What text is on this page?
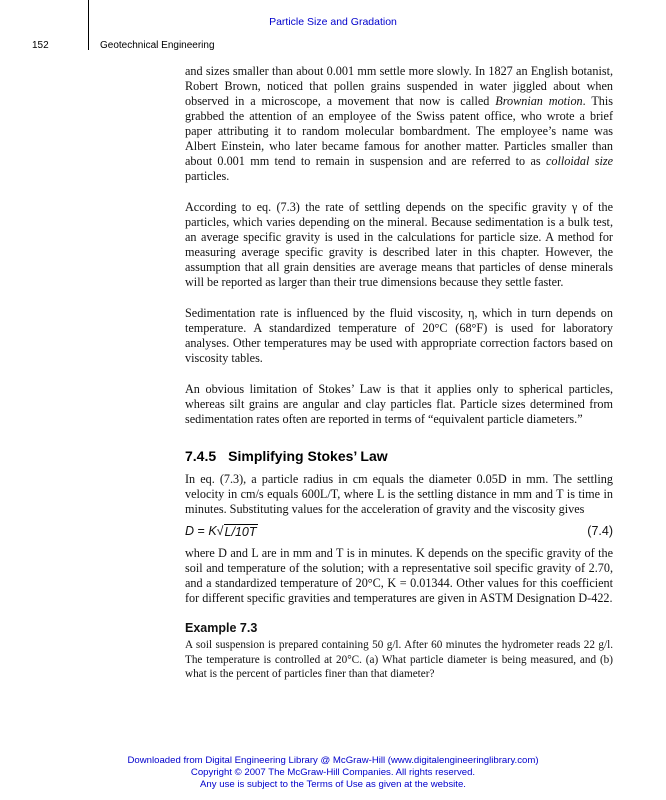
Particle Size and Gradation
152	Geotechnical Engineering

and sizes smaller than about 0.001 mm settle more slowly. In 1827 an English botanist, Robert Brown, noticed that pollen grains suspended in water jiggled about when observed in a microscope, a movement that now is called Brownian motion. This grabbed the attention of an employee of the Swiss patent office, who wrote a brief paper attributing it to random molecular bombardment. The employee’s name was Albert Einstein, who later became famous for another matter. Particles smaller than about 0.001 mm tend to remain in suspension and are referred to as colloidal size particles.

According to eq. (7.3) the rate of settling depends on the specific gravity γ of the particles, which varies depending on the mineral. Because sedimentation is a bulk test, an average specific gravity is used in the calculations for particle size. A method for measuring average specific gravity is described later in this chapter. However, the assumption that all grain densities are average means that particles of dense minerals will be reported as larger than their true dimensions because they settle faster.

Sedimentation rate is influenced by the fluid viscosity, η, which in turn depends on temperature. A standardized temperature of 20°C (68°F) is used for laboratory analyses. Other temperatures may be used with appropriate correction factors based on viscosity tables.

An obvious limitation of Stokes’ Law is that it applies only to spherical particles, whereas silt grains are angular and clay particles flat. Particle sizes determined from sedimentation rates often are reported in terms of “equivalent particle diameters.”

7.4.5 Simplifying Stokes’ Law

In eq. (7.3), a particle radius in cm equals the diameter 0.05D in mm. The settling velocity in cm/s equals 600L/T, where L is the settling distance in mm and T is time in minutes. Substituting values for the acceleration of gravity and the viscosity gives

D = K √ L/10T	(7.4)

where D and L are in mm and T is in minutes. K depends on the specific gravity of the soil and temperature of the solution; with a representative soil specific gravity of 2.70, and a standardized temperature of 20°C, K = 0.01344. Other values for this coefficient for different specific gravities and temperatures are given in ASTM Designation D-422.

Example 7.3

A soil suspension is prepared containing 50 g/l. After 60 minutes the hydrometer reads 22 g/l. The temperature is controlled at 20°C. (a) What particle diameter is being measured, and (b) what is the percent of particles finer than that diameter?

Downloaded from Digital Engineering Library @ McGraw-Hill (www.digitalengineeringlibrary.com)
Copyright © 2007 The McGraw-Hill Companies. All rights reserved.
Any use is subject to the Terms of Use as given at the website.
